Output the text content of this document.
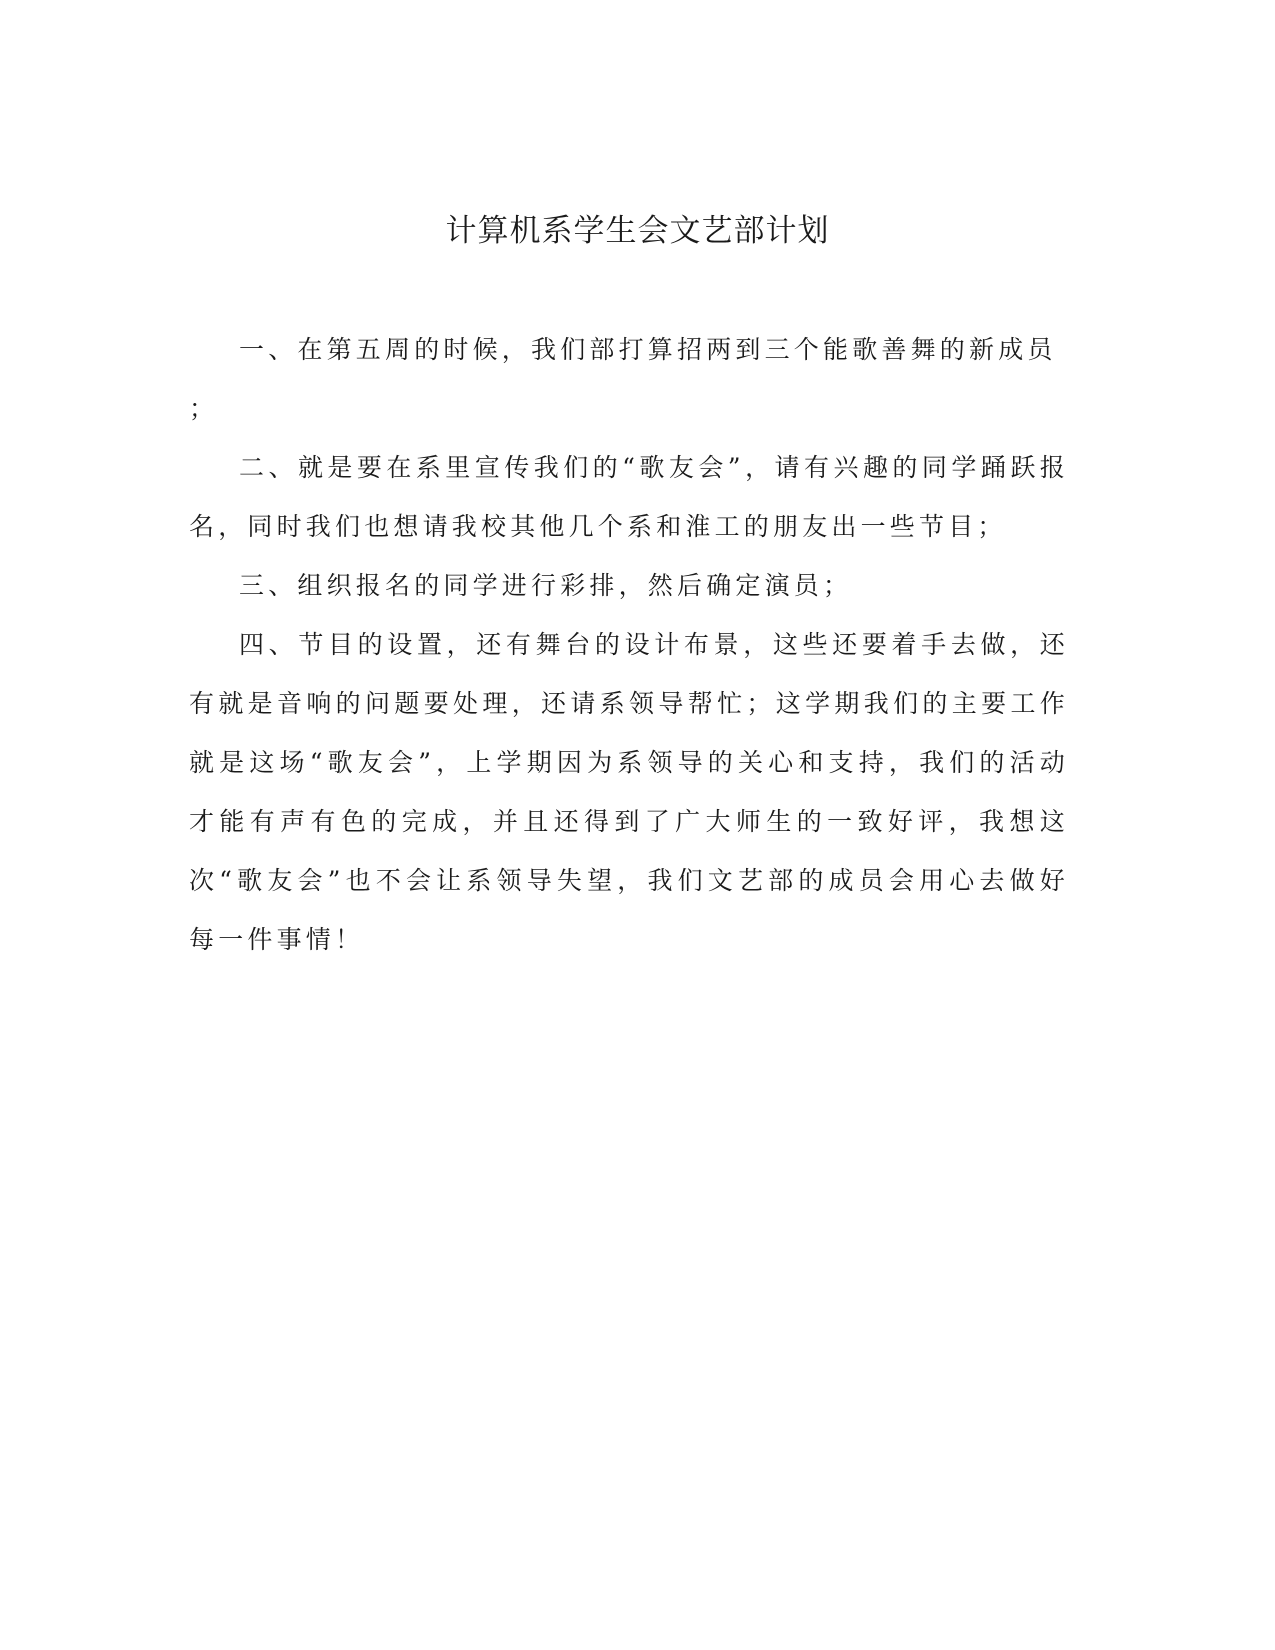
计算机系学生会文艺部计划

一、在第五周的时候，我们部打算招两到三个能歌善舞的新成员

；

二、就是要在系里宣传我们的“歌友会”，请有兴趣的同学踊跃报名，同时我们也想请我校其他几个系和淮工的朋友出一些节目；

三、组织报名的同学进行彩排，然后确定演员；

四、节目的设置，还有舞台的设计布景，这些还要着手去做，还有就是音响的问题要处理，还请系领导帮忙；这学期我们的主要工作就是这场“歌友会”，上学期因为系领导的关心和支持，我们的活动才能有声有色的完成，并且还得到了广大师生的一致好评，我想这次“歌友会”也不会让系领导失望，我们文艺部的成员会用心去做好每一件事情！
